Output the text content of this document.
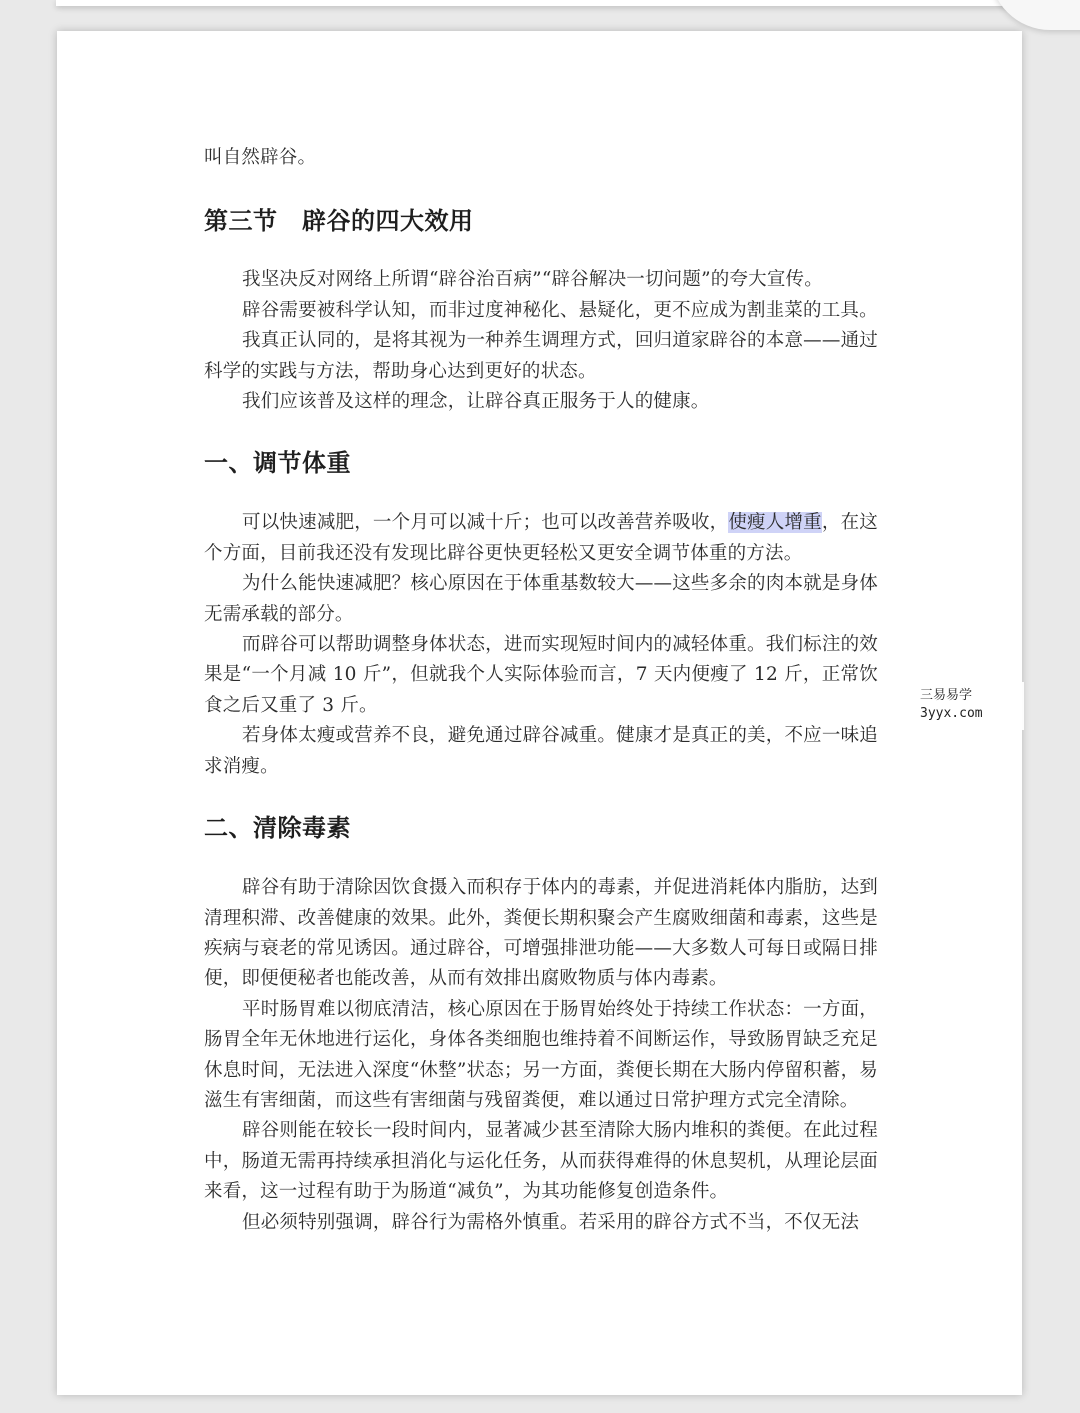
叫自然辟谷。

第三节　辟谷的四大效用

我坚决反对网络上所谓“辟谷治百病”“辟谷解决一切问题”的夸大宣传。

辟谷需要被科学认知，而非过度神秘化、悬疑化，更不应成为割韭菜的工具。

我真正认同的，是将其视为一种养生调理方式，回归道家辟谷的本意——通过科学的实践与方法，帮助身心达到更好的状态。

我们应该普及这样的理念，让辟谷真正服务于人的健康。

一、调节体重

可以快速减肥，一个月可以减十斤；也可以改善营养吸收，使瘦人增重，在这个方面，目前我还没有发现比辟谷更快更轻松又更安全调节体重的方法。

为什么能快速减肥？核心原因在于体重基数较大——这些多余的肉本就是身体无需承载的部分。

而辟谷可以帮助调整身体状态，进而实现短时间内的减轻体重。我们标注的效果是“一个月减 10 斤”，但就我个人实际体验而言，7 天内便瘦了 12 斤，正常饮食之后又重了 3 斤。

若身体太瘦或营养不良，避免通过辟谷减重。健康才是真正的美，不应一味追求消瘦。

二、清除毒素

辟谷有助于清除因饮食摄入而积存于体内的毒素，并促进消耗体内脂肪，达到清理积滞、改善健康的效果。此外，粪便长期积聚会产生腐败细菌和毒素，这些是疾病与衰老的常见诱因。通过辟谷，可增强排泄功能——大多数人可每日或隔日排便，即便便秘者也能改善，从而有效排出腐败物质与体内毒素。

平时肠胃难以彻底清洁，核心原因在于肠胃始终处于持续工作状态：一方面，肠胃全年无休地进行运化，身体各类细胞也维持着不间断运作，导致肠胃缺乏充足休息时间，无法进入深度“休整”状态；另一方面，粪便长期在大肠内停留积蓄，易滋生有害细菌，而这些有害细菌与残留粪便，难以通过日常护理方式完全清除。

辟谷则能在较长一段时间内，显著减少甚至清除大肠内堆积的粪便。在此过程中，肠道无需再持续承担消化与运化任务，从而获得难得的休息契机，从理论层面来看，这一过程有助于为肠道“减负”，为其功能修复创造条件。

但必须特别强调，辟谷行为需格外慎重。若采用的辟谷方式不当，不仅无法

三易易学
3yyx.com
